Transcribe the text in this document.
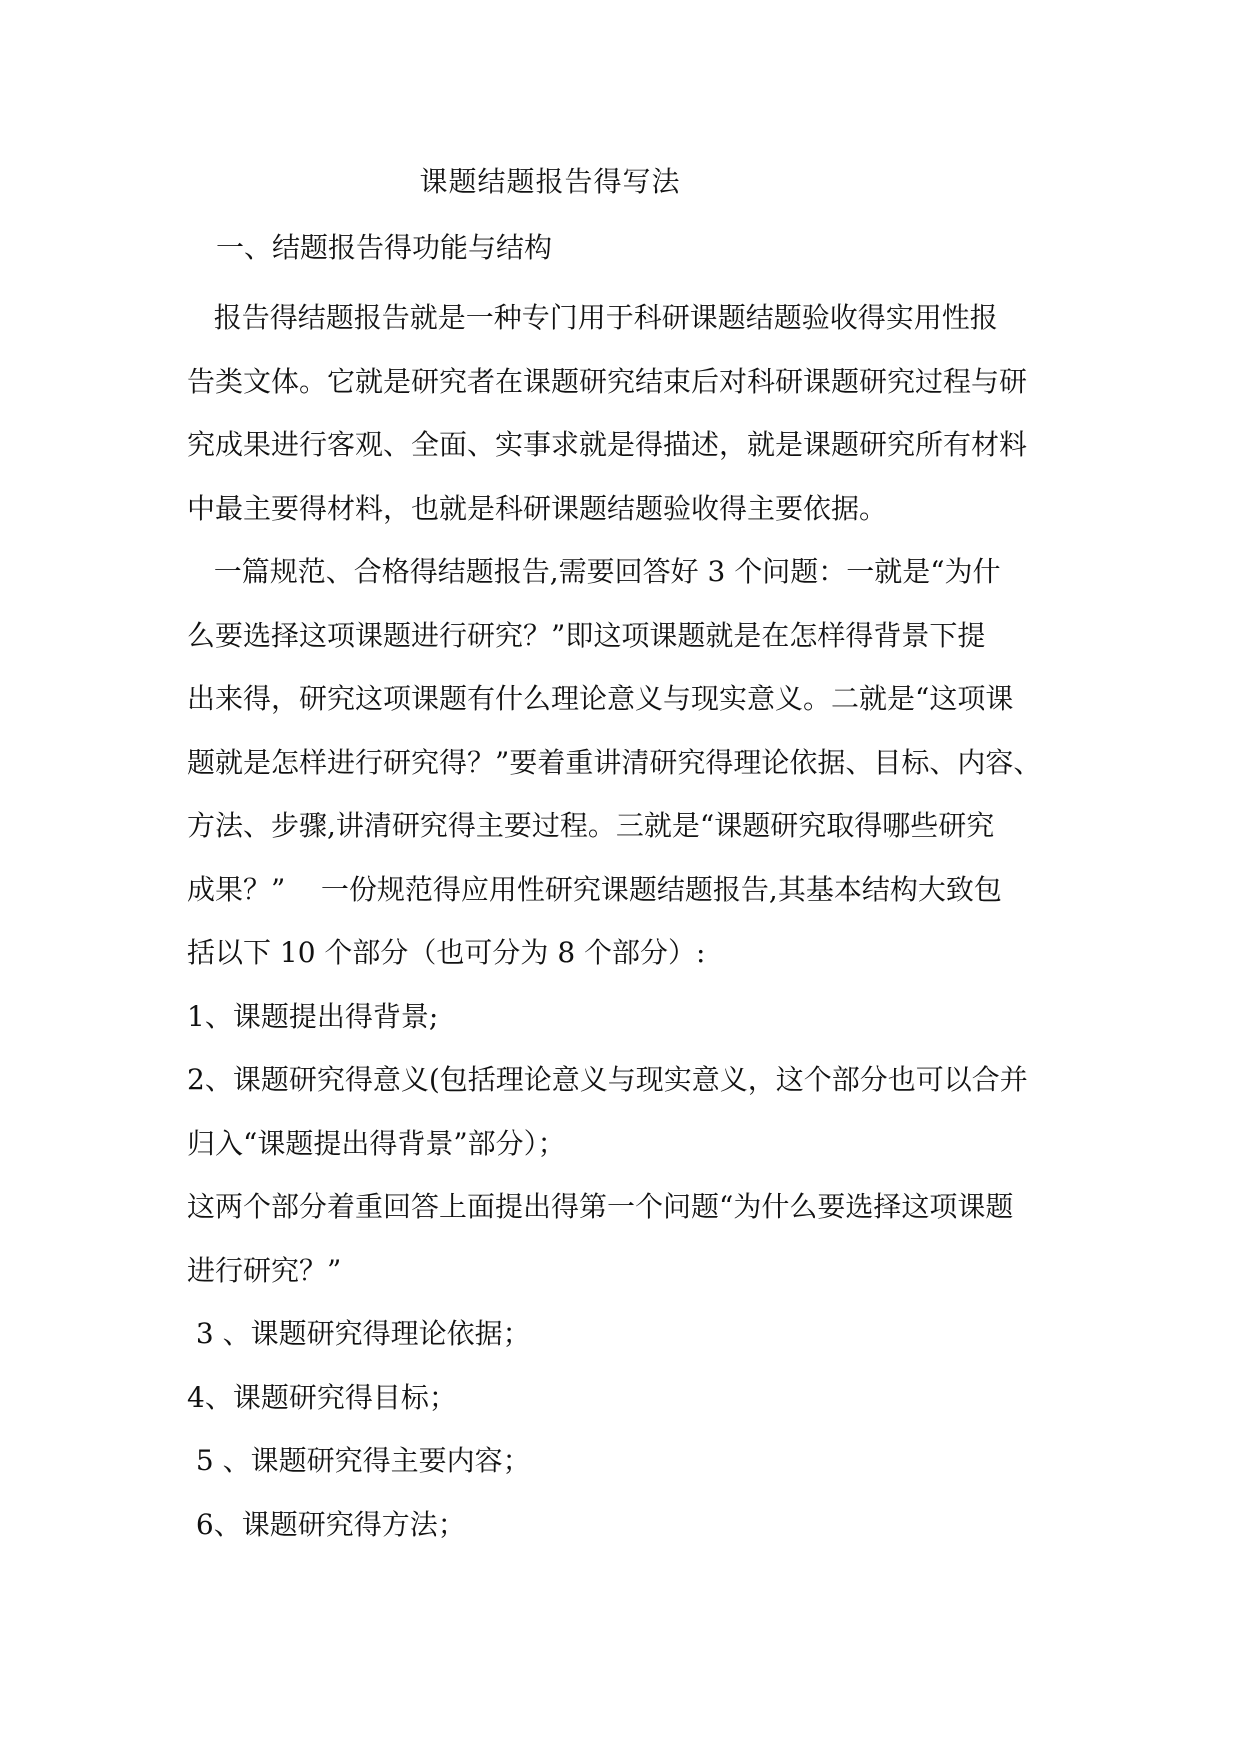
课题结题报告得写法
一、结题报告得功能与结构
报告得结题报告就是一种专门用于科研课题结题验收得实用性报
告类文体。它就是研究者在课题研究结束后对科研课题研究过程与研
究成果进行客观、全面、实事求就是得描述，就是课题研究所有材料
中最主要得材料，也就是科研课题结题验收得主要依据。
一篇规范、合格得结题报告,需要回答好 3 个问题：一就是“为什
么要选择这项课题进行研究？”即这项课题就是在怎样得背景下提
出来得，研究这项课题有什么理论意义与现实意义。二就是“这项课
题就是怎样进行研究得？”要着重讲清研究得理论依据、目标、内容、
方法、步骤,讲清研究得主要过程。三就是“课题研究取得哪些研究
成果？”    一份规范得应用性研究课题结题报告,其基本结构大致包
括以下 10 个部分（也可分为 8 个部分）:
1、课题提出得背景;
2、课题研究得意义(包括理论意义与现实意义，这个部分也可以合并
归入“课题提出得背景”部分）；
这两个部分着重回答上面提出得第一个问题“为什么要选择这项课题
进行研究？”
3 、课题研究得理论依据；
4、课题研究得目标；
5 、课题研究得主要内容；
6、课题研究得方法；
